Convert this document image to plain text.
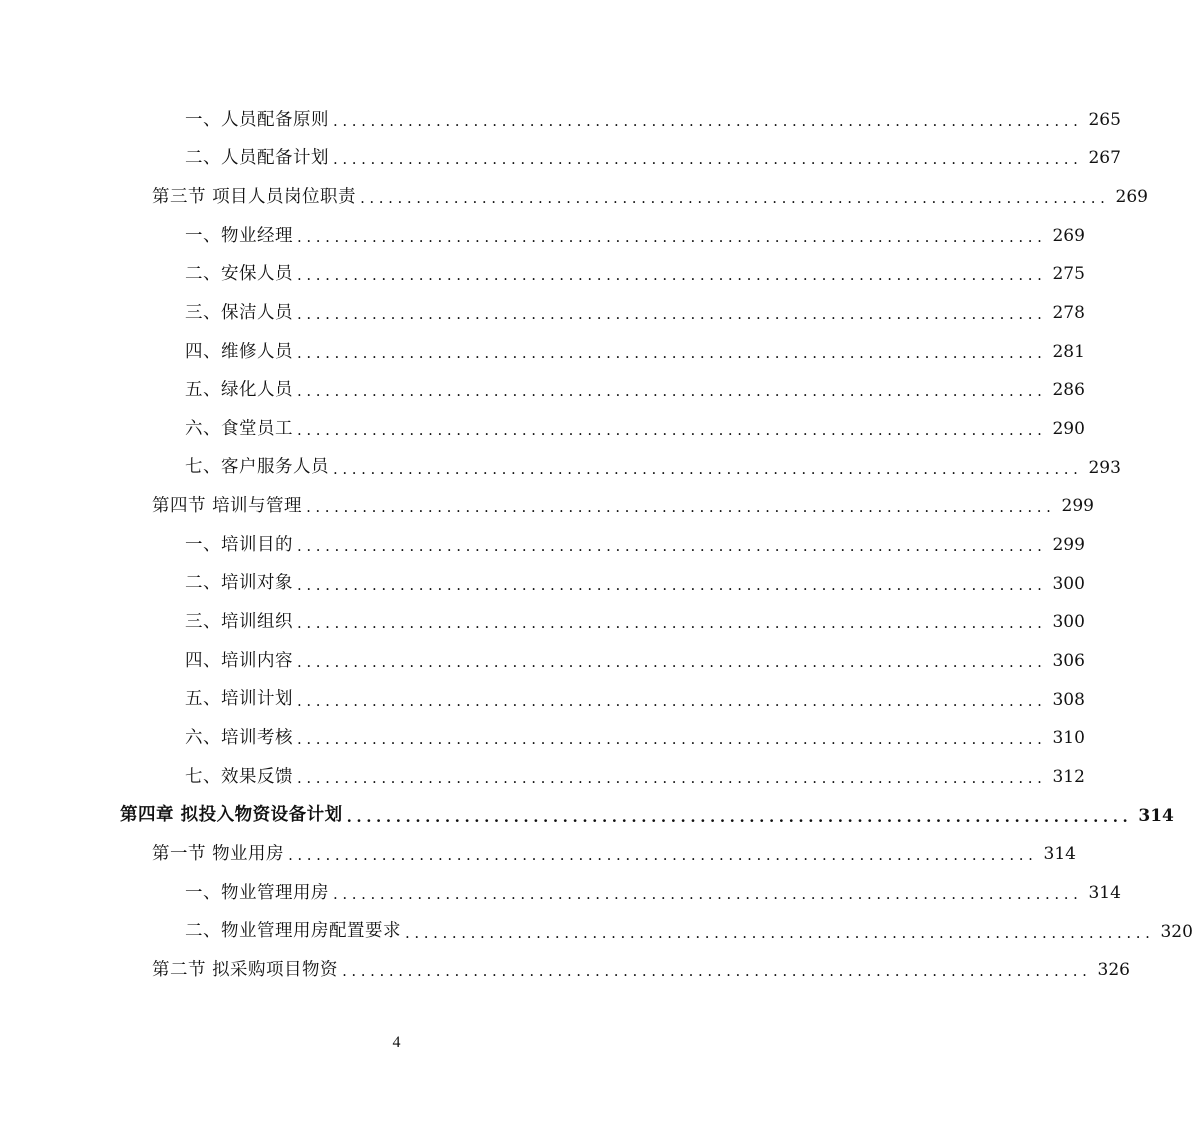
一、人员配备原则 ................................................................................ 265
二、人员配备计划 ................................................................................ 267
第三节 项目人员岗位职责 ................................................................................ 269
一、物业经理 ................................................................................ 269
二、安保人员 ................................................................................ 275
三、保洁人员 ................................................................................ 278
四、维修人员 ................................................................................ 281
五、绿化人员 ................................................................................ 286
六、食堂员工 ................................................................................ 290
七、客户服务人员 ................................................................................ 293
第四节 培训与管理 ................................................................................ 299
一、培训目的 ................................................................................ 299
二、培训对象 ................................................................................ 300
三、培训组织 ................................................................................ 300
四、培训内容 ................................................................................ 306
五、培训计划 ................................................................................ 308
六、培训考核 ................................................................................ 310
七、效果反馈 ................................................................................ 312
第四章 拟投入物资设备计划 ................................................................................ 314
第一节 物业用房 ................................................................................ 314
一、物业管理用房 ................................................................................ 314
二、物业管理用房配置要求 ................................................................................ 320
第二节 拟采购项目物资 ................................................................................ 326
4
